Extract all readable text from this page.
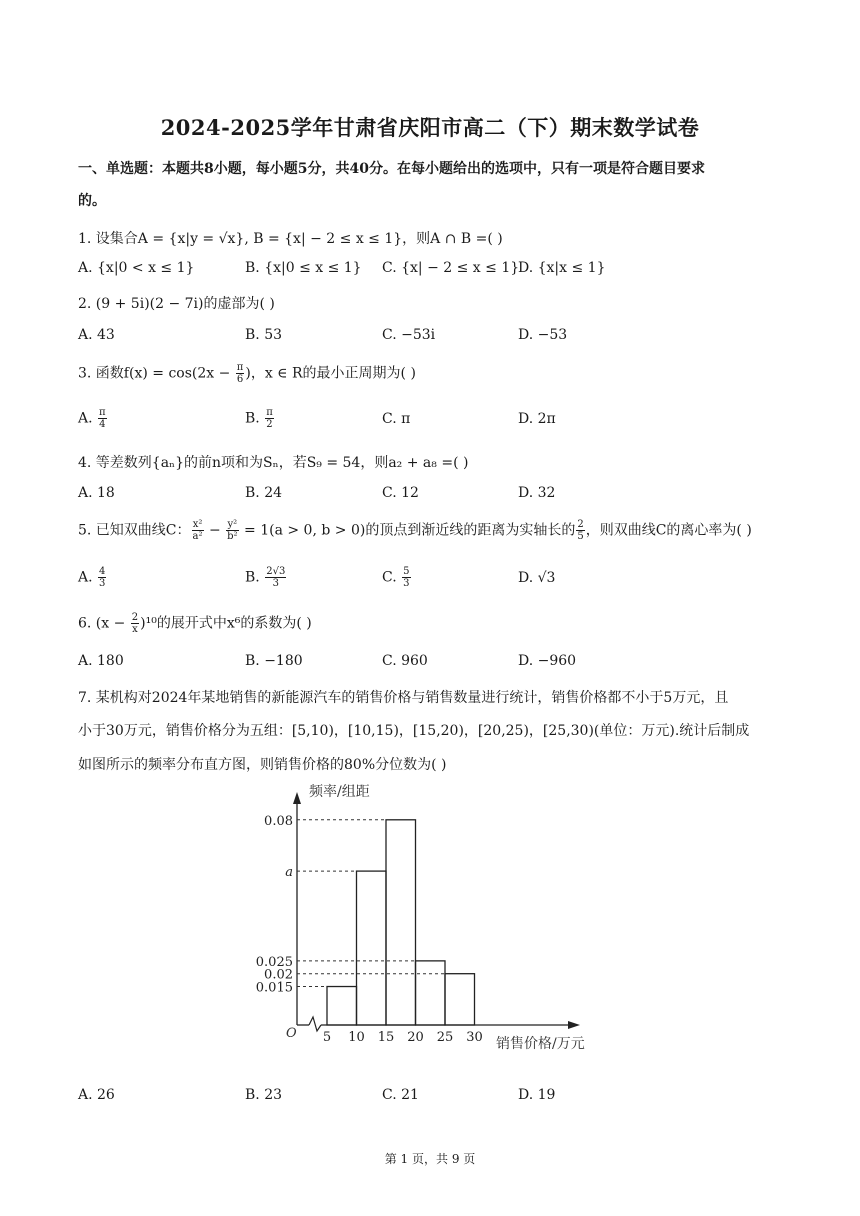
2024-2025学年甘肃省庆阳市高二（下）期末数学试卷
一、单选题：本题共8小题，每小题5分，共40分。在每小题给出的选项中，只有一项是符合题目要求
的。
1. 设集合A = {x|y = √x}, B = {x| − 2 ≤ x ≤ 1}，则A ∩ B =( )
A. {x|0 < x ≤ 1}	B. {x|0 ≤ x ≤ 1} C. {x| − 2 ≤ x ≤ 1}
D. {x|x ≤ 1}
2. (9 + 5i)(2 − 7i)的虚部为( )
A. 43	B. 53	C. −53i	D. −53
3. 函数$f(x) = \cos(2x - \frac{\pi}{6}$ )，x ∈ R的最小正周期为( )
A. $\frac{\pi}{4}$	B. $\frac{\pi}{2}$	C. π	D. 2π
4. 等差数列{aₙ}的前n项和为Sₙ，若S₉ = 54，则a₂ + a₈ =( )
A. 18	B. 24	C. 12	D. 32
5. 已知双曲线C： $\frac{\text{x²}}{\text{a²}} - \frac{\text{y²}}{\text{b²}} = 1(a > 0$, b > 0)的顶点到渐近线的距离为实轴长的 $\frac{2}{5}$ ，则双曲线C的离心率为( )
A. $\frac{4}{3}$	B. $\frac{2√3}{3}$	C. $\frac{5}{3}$	D. √3
6. $(x - \frac{2}{x} )^{10}$的展开式中x⁶的系数为( )
A. 180	B. −180	C. 960	D. −960
7. 某机构对2024年某地销售的新能源汽车的销售价格与销售数量进行统计，销售价格都不小于5万元，且
小于30万元，销售价格分为五组：[5,10)，[10,15)，[15,20)，[20,25)，[25,30)(单位：万元).统计后制成
如图所示的频率分布直方图，则销售价格的80%分位数为( )
频率/组距
销售价格/万元
O
0.08
a
0.025
0.02
0.015
5 10 15 20 25 30
A. 26	B. 23	C. 21	D. 19
第 1 页，共 9 页
